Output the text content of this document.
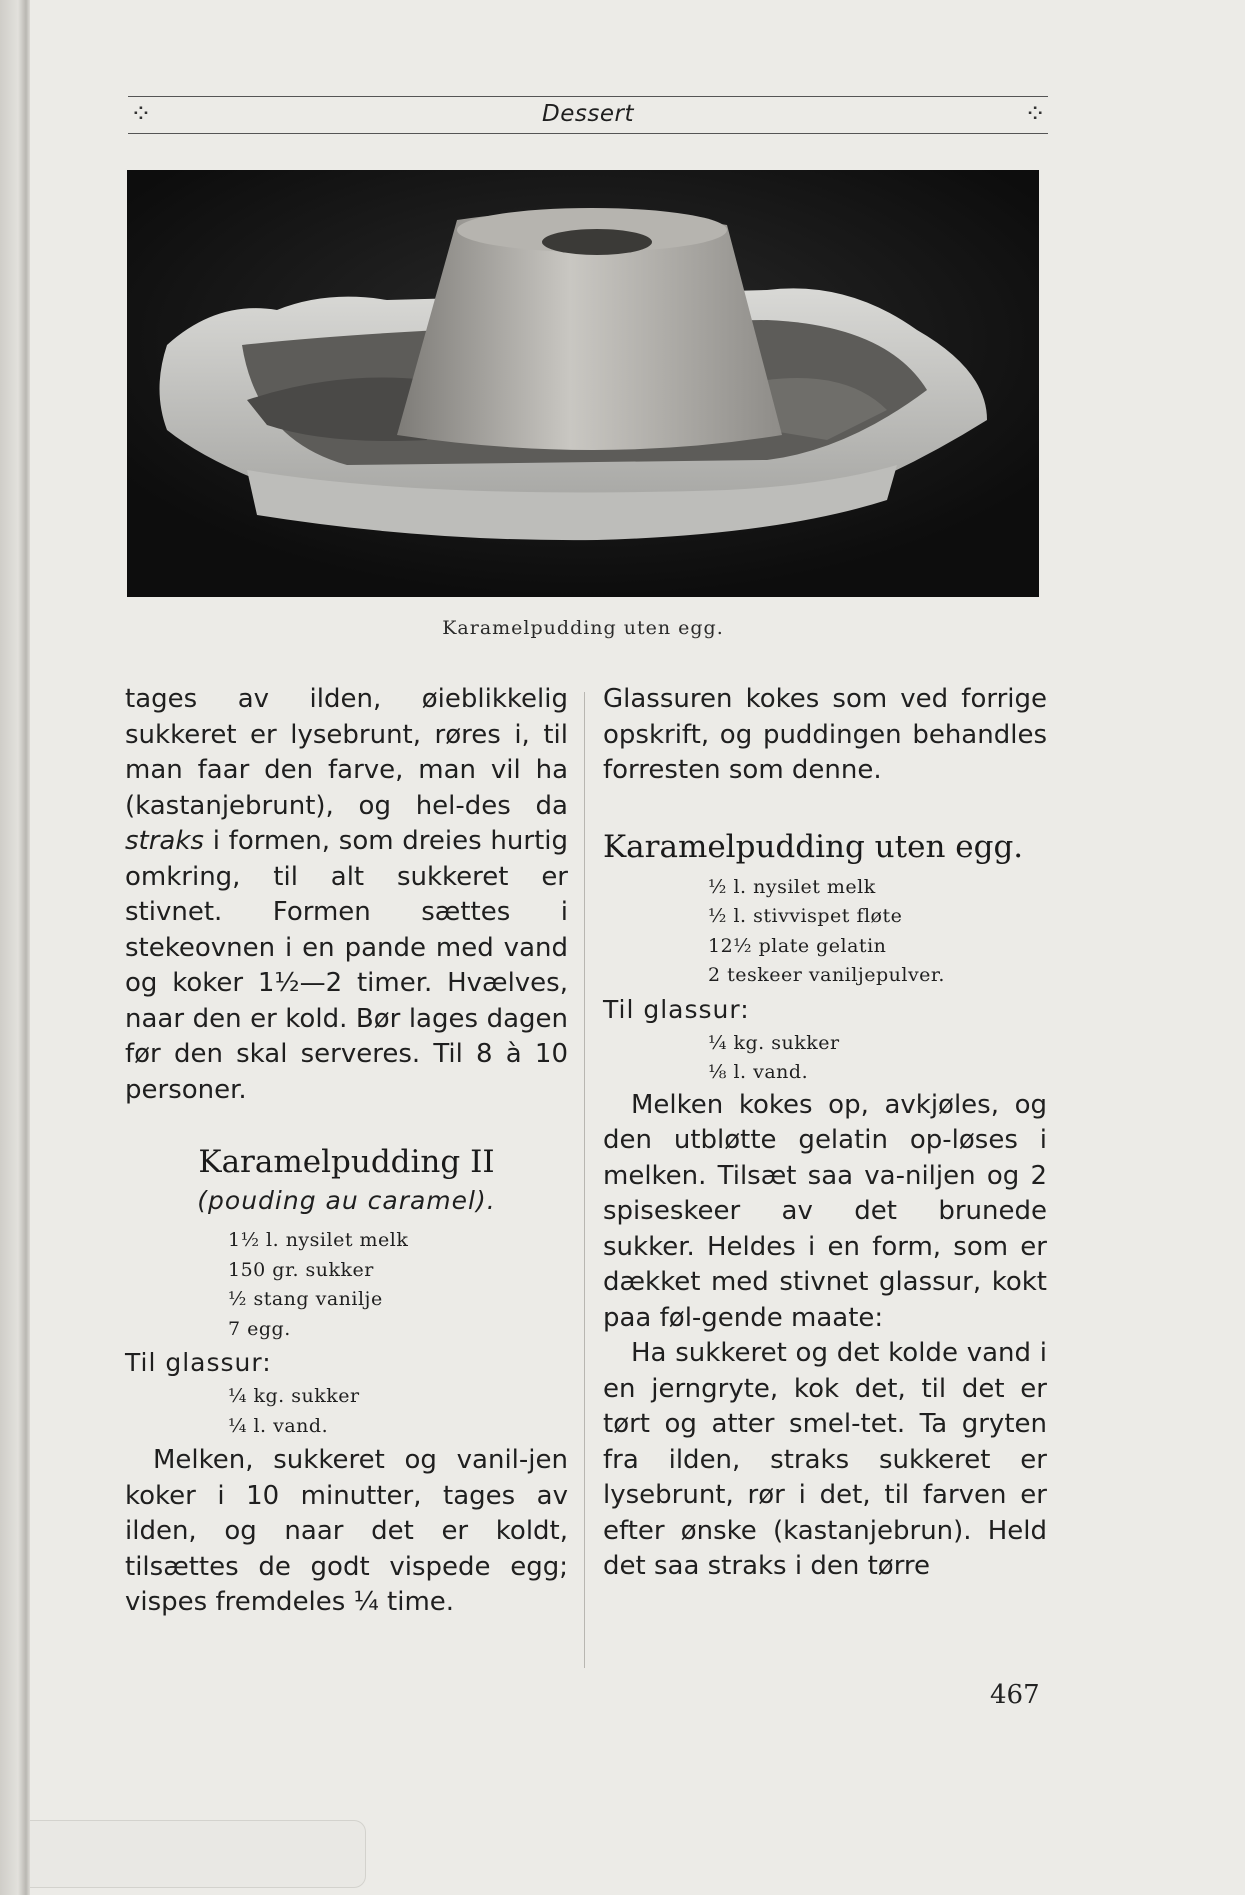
⁘	Dessert	⁘
Karamelpudding uten egg.

tages av ilden, øieblikkelig sukkeret er lysebrunt, røres i, til man faar den farve, man vil ha (kastanjebrunt), og hel-des da straks i formen, som dreies hurtig omkring, til alt sukkeret er stivnet. Formen sættes i stekeovnen i en pande med vand og koker 1½—2 timer. Hvælves, naar den er kold. Bør lages dagen før den skal serveres. Til 8 à 10 personer.

Karamelpudding II
(pouding au caramel).
1½ l. nysilet melk
150 gr. sukker
½ stang vanilje
7 egg.

Til glassur:

¼ kg. sukker
¼ l. vand.

Melken, sukkeret og vanil-jen koker i 10 minutter, tages av ilden, og naar det er koldt, tilsættes de godt vispede egg; vispes fremdeles ¼ time.

Glassuren kokes som ved forrige opskrift, og puddingen behandles forresten som denne.

Karamelpudding uten egg.
½ l. nysilet melk
½ l. stivvispet fløte
12½ plate gelatin
2 teskeer vaniljepulver.

Til glassur:

¼ kg. sukker
⅛ l. vand.

Melken kokes op, avkjøles, og den utbløtte gelatin op-løses i melken. Tilsæt saa va-niljen og 2 spiseskeer av det brunede sukker. Heldes i en form, som er dækket med stivnet glassur, kokt paa føl-gende maate:

Ha sukkeret og det kolde vand i en jerngryte, kok det, til det er tørt og atter smel-tet. Ta gryten fra ilden, straks sukkeret er lysebrunt, rør i det, til farven er efter ønske (kastanjebrun). Held det saa straks i den tørre

467
